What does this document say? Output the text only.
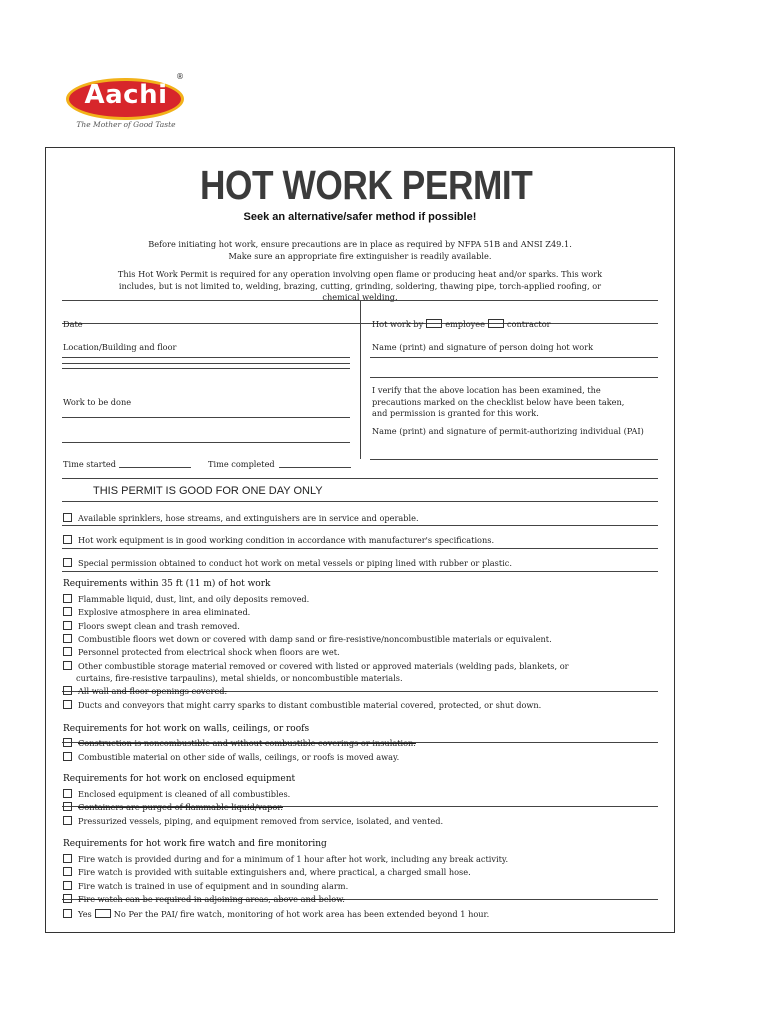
Aachi
®
The Mother of Good Taste
HOT WORK PERMIT
Seek an alternative/safer method if possible!
Before initiating hot work, ensure precautions are in place as required by NFPA 51B and ANSI Z49.1.
Make sure an appropriate fire extinguisher is readily available.
This Hot Work Permit is required for any operation involving open flame or producing heat and/or sparks. This work
includes, but is not limited to, welding, brazing, cutting, grinding, soldering, thawing pipe, torch-applied roofing, or
chemical welding.
Date
Location/Building and floor
Work to be done
Time started	Time completed
Hot work by	employee	contractor
Name (print) and signature of person doing hot work
I verify that the above location has been examined, the
precautions marked on the checklist below have been taken,
and permission is granted for this work.
Name (print) and signature of permit-authorizing individual (PAI)
THIS PERMIT IS GOOD FOR ONE DAY ONLY
Available sprinklers, hose streams, and extinguishers are in service and operable.
Hot work equipment is in good working condition in accordance with manufacturer's specifications.
Special permission obtained to conduct hot work on metal vessels or piping lined with rubber or plastic.
Requirements within 35 ft (11 m) of hot work
Flammable liquid, dust, lint, and oily deposits removed.
Explosive atmosphere in area eliminated.
Floors swept clean and trash removed.
Combustible floors wet down or covered with damp sand or fire-resistive/noncombustible materials or equivalent.
Personnel protected from electrical shock when floors are wet.
Other combustible storage material removed or covered with listed or approved materials (welding pads, blankets, or
curtains, fire-resistive tarpaulins), metal shields, or noncombustible materials.
All wall and floor openings covered.
Ducts and conveyors that might carry sparks to distant combustible material covered, protected, or shut down.
Requirements for hot work on walls, ceilings, or roofs
Construction is noncombustible and without combustible coverings or insulation.
Combustible material on other side of walls, ceilings, or roofs is moved away.
Requirements for hot work on enclosed equipment
Enclosed equipment is cleaned of all combustibles.
Containers are purged of flammable liquid/vapor.
Pressurized vessels, piping, and equipment removed from service, isolated, and vented.
Requirements for hot work fire watch and fire monitoring
Fire watch is provided during and for a minimum of 1 hour after hot work, including any break activity.
Fire watch is provided with suitable extinguishers and, where practical, a charged small hose.
Fire watch is trained in use of equipment and in sounding alarm.
Fire watch can be required in adjoining areas, above and below.
Yes	No Per the PAI/ fire watch, monitoring of hot work area has been extended beyond 1 hour.
